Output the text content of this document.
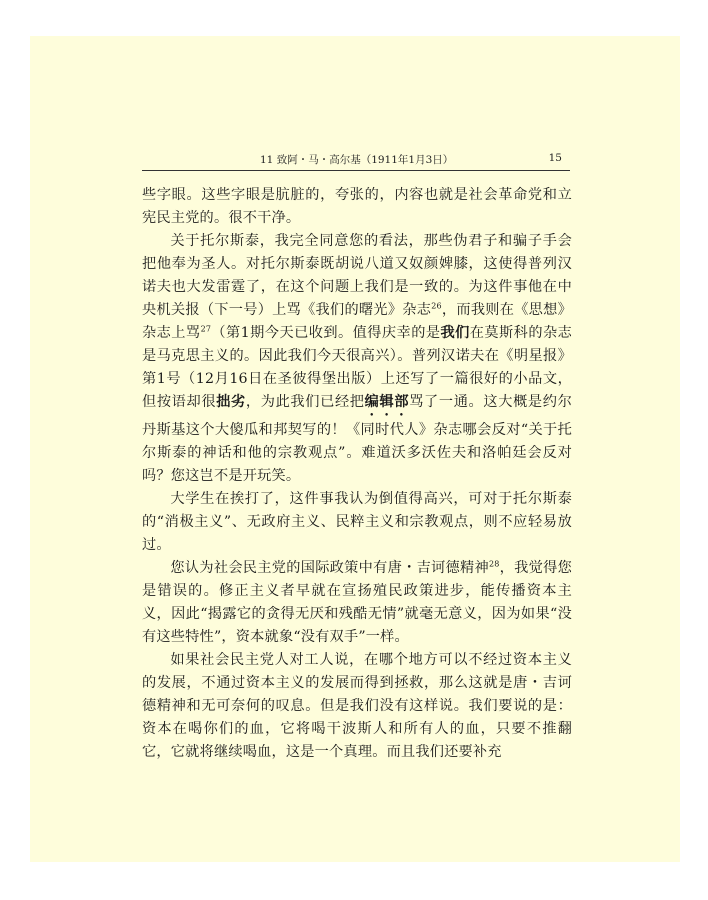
11 致阿・马・高尔基（1911年1月3日）	15

些字眼。这些字眼是肮脏的，夸张的，内容也就是社会革命党和立宪民主党的。很不干净。

关于托尔斯泰，我完全同意您的看法，那些伪君子和骗子手会把他奉为圣人。对托尔斯泰既胡说八道又奴颜婢膝，这使得普列汉诺夫也大发雷霆了，在这个问题上我们是一致的。为这件事他在中央机关报（下一号）上骂《我们的曙光》杂志$^{26}$，而我则在《思想》杂志上骂$^{27}$（第1期今天已收到。值得庆幸的是我们在莫斯科的杂志是马克思主义的。因此我们今天很高兴）。普列汉诺夫在《明星报》第1号（12月16日在圣彼得堡出版）上还写了一篇很好的小品文，但按语却很拙劣，为此我们已经把编辑部骂了一通。这大概是约尔丹斯基这个大傻瓜和邦契写的！《同时代人》杂志哪会反对“关于托尔斯泰的神话和他的宗教观点”。难道沃多沃佐夫和洛帕廷会反对吗？您这岂不是开玩笑。

大学生在挨打了，这件事我认为倒值得高兴，可对于托尔斯泰的“消极主义”、无政府主义、民粹主义和宗教观点，则不应轻易放过。

您认为社会民主党的国际政策中有唐・吉诃德精神$^{28}$，我觉得您是错误的。修正主义者早就在宣扬殖民政策进步，能传播资本主义，因此“揭露它的贪得无厌和残酷无情”就毫无意义，因为如果“没有这些特性”，资本就象“没有双手”一样。

如果社会民主党人对工人说，在哪个地方可以不经过资本主义的发展，不通过资本主义的发展而得到拯救，那么这就是唐・吉诃德精神和无可奈何的叹息。但是我们没有这样说。我们要说的是：资本在喝你们的血，它将喝干波斯人和所有人的血，只要不推翻它，它就将继续喝血，这是一个真理。而且我们还要补充
